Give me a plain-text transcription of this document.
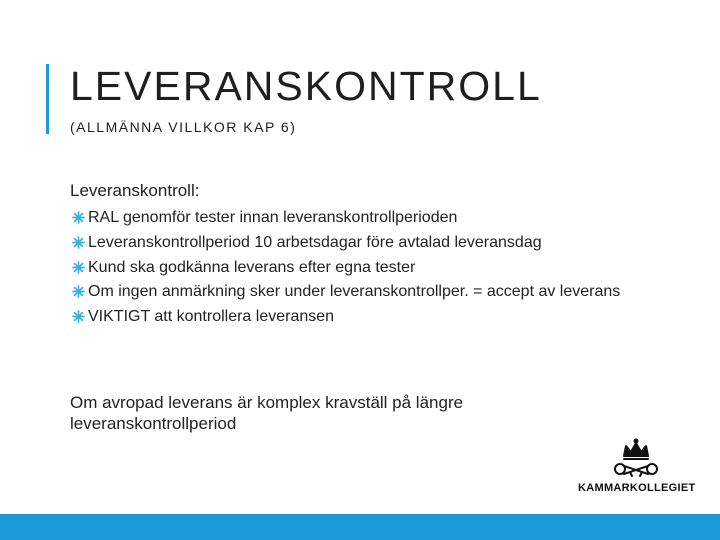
LEVERANSKONTROLL

(ALLMÄNNA VILLKOR KAP 6)

Leveranskontroll:

RAL genomför tester innan leveranskontrollperioden
Leveranskontrollperiod 10 arbetsdagar före avtalad leveransdag
Kund ska godkänna leverans efter egna tester
Om ingen anmärkning sker under leveranskontrollper. = accept av leverans
VIKTIGT att kontrollera leveransen

Om avropad leverans är komplex kravställ på längre leveranskontrollperiod

KAMMARKOLLEGIET
